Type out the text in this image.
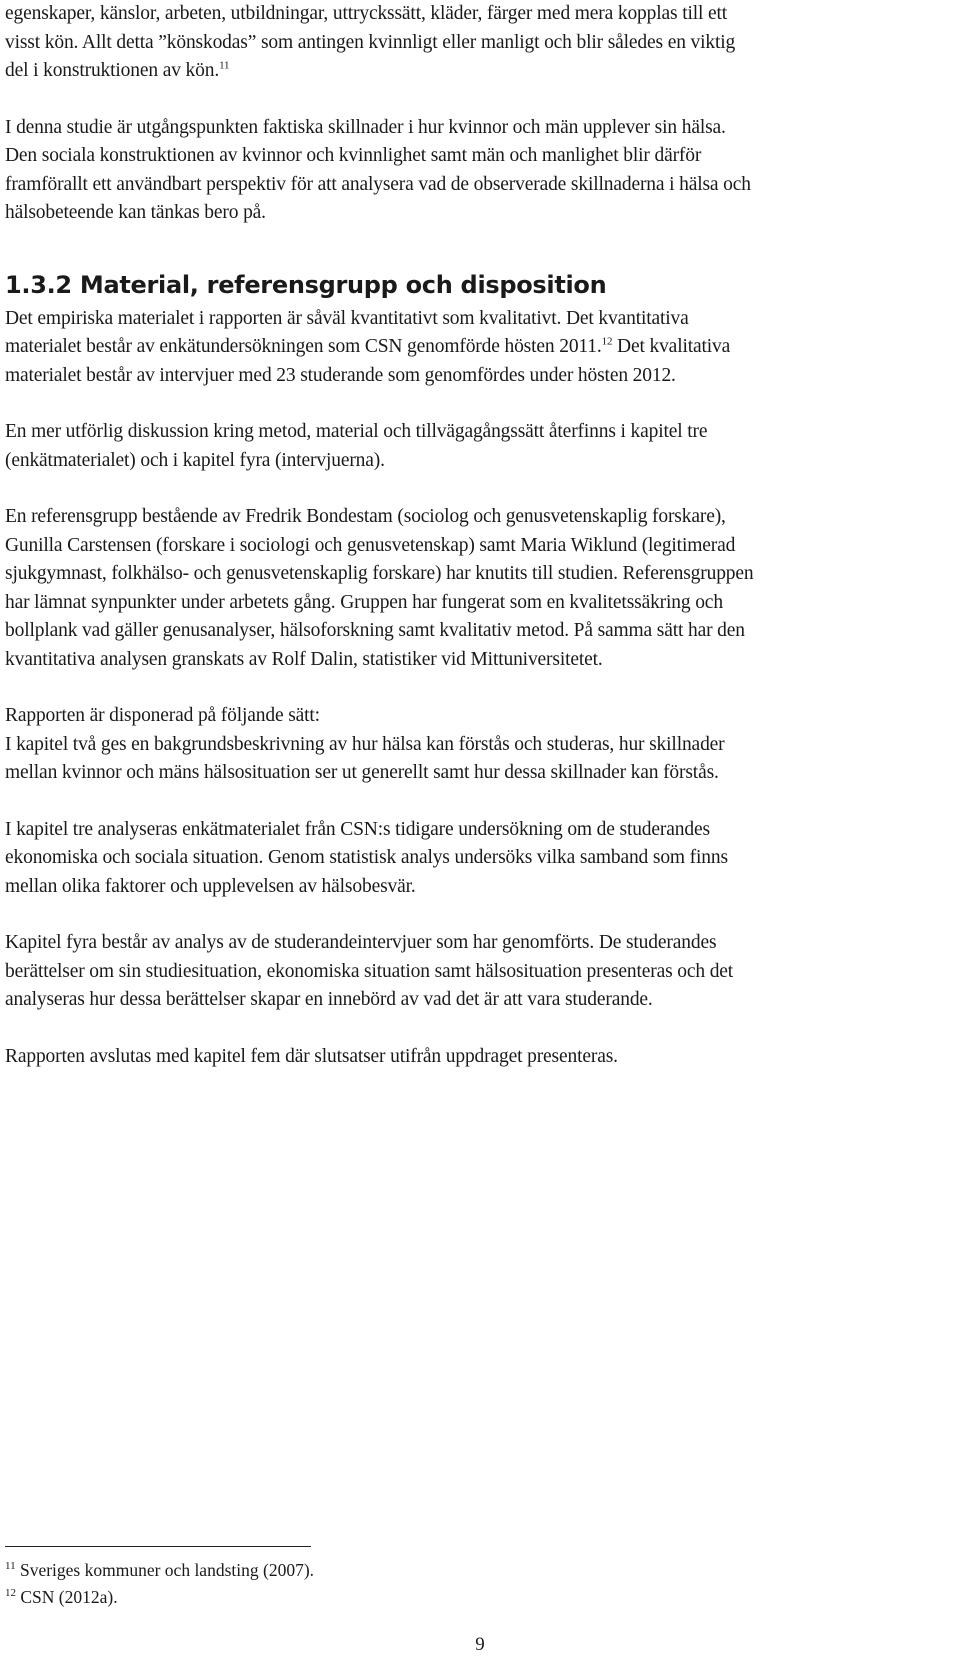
egenskaper, känslor, arbeten, utbildningar, uttryckssätt, kläder, färger med mera kopplas till ett

visst kön. Allt detta ”könskodas” som antingen kvinnligt eller manligt och blir således en viktig

del i konstruktionen av kön.$^{11}$

I denna studie är utgångspunkten faktiska skillnader i hur kvinnor och män upplever sin hälsa.

Den sociala konstruktionen av kvinnor och kvinnlighet samt män och manlighet blir därför

framförallt ett användbart perspektiv för att analysera vad de observerade skillnaderna i hälsa och

hälsobeteende kan tänkas bero på.

1.3.2 Material, referensgrupp och disposition

Det empiriska materialet i rapporten är såväl kvantitativt som kvalitativt. Det kvantitativa

materialet består av enkätundersökningen som CSN genomförde hösten 2011.12 Det kvalitativa

materialet består av intervjuer med 23 studerande som genomfördes under hösten 2012.

En mer utförlig diskussion kring metod, material och tillvägagångssätt återfinns i kapitel tre

(enkätmaterialet) och i kapitel fyra (intervjuerna).

En referensgrupp bestående av Fredrik Bondestam (sociolog och genusvetenskaplig forskare),

Gunilla Carstensen (forskare i sociologi och genusvetenskap) samt Maria Wiklund (legitimerad

sjukgymnast, folkhälso- och genusvetenskaplig forskare) har knutits till studien. Referensgruppen

har lämnat synpunkter under arbetets gång. Gruppen har fungerat som en kvalitetssäkring och

bollplank vad gäller genusanalyser, hälsoforskning samt kvalitativ metod. På samma sätt har den

kvantitativa analysen granskats av Rolf Dalin, statistiker vid Mittuniversitetet.

Rapporten är disponerad på följande sätt:

I kapitel två ges en bakgrundsbeskrivning av hur hälsa kan förstås och studeras, hur skillnader

mellan kvinnor och mäns hälsosituation ser ut generellt samt hur dessa skillnader kan förstås.

I kapitel tre analyseras enkätmaterialet från CSN:s tidigare undersökning om de studerandes

ekonomiska och sociala situation. Genom statistisk analys undersöks vilka samband som finns

mellan olika faktorer och upplevelsen av hälsobesvär.

Kapitel fyra består av analys av de studerandeintervjuer som har genomförts. De studerandes

berättelser om sin studiesituation, ekonomiska situation samt hälsosituation presenteras och det

analyseras hur dessa berättelser skapar en innebörd av vad det är att vara studerande.

Rapporten avslutas med kapitel fem där slutsatser utifrån uppdraget presenteras.

$^{11}$ Sveriges kommuner och landsting (2007).

$^{12}$ CSN (2012a).

9
